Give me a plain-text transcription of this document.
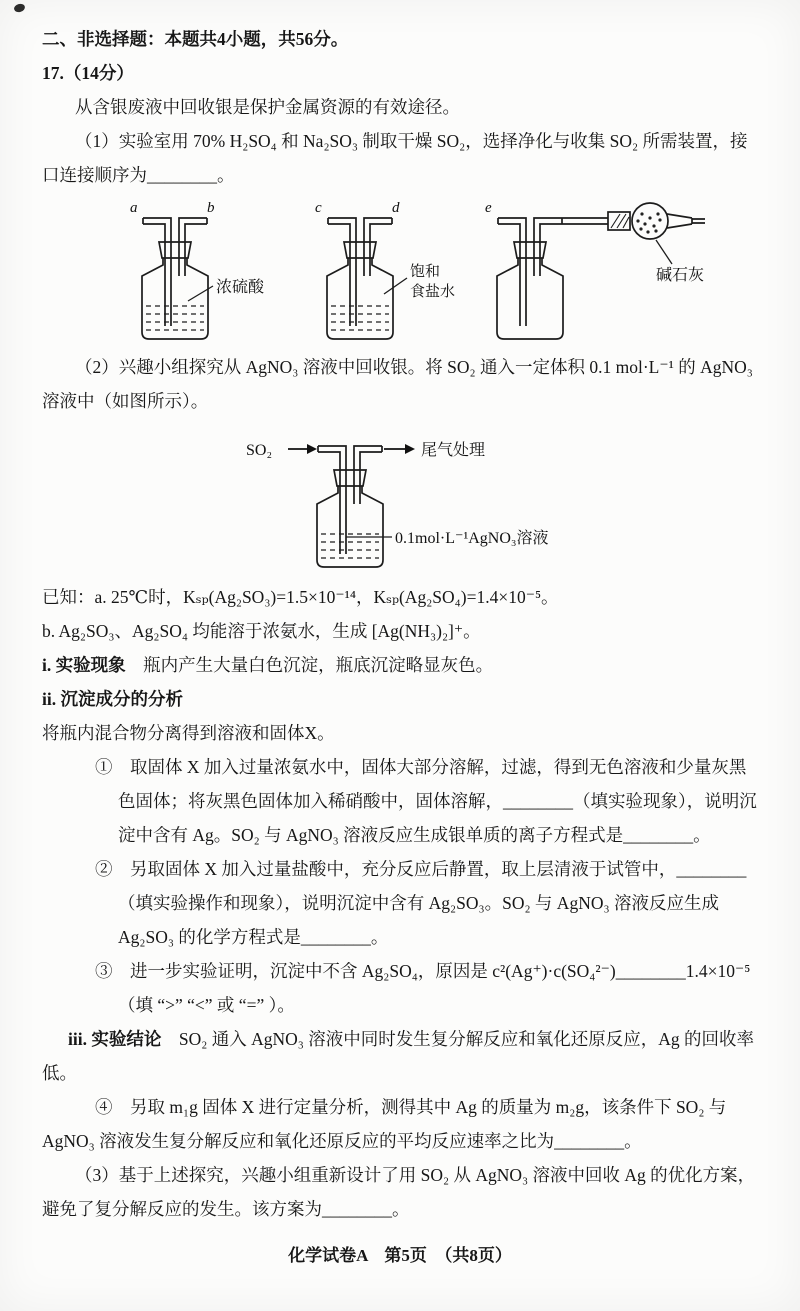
二、非选择题：本题共4小题，共56分。

17.（14分）

从含银废液中回收银是保护金属资源的有效途径。

（1）实验室用 70% H₂SO₄ 和 Na₂SO₃ 制取干燥 SO₂，选择净化与收集 SO₂ 所需装置，接口连接顺序为________。

a	b
浓硫酸
c	d
饱和
食盐水
e
碱石灰

（2）兴趣小组探究从 AgNO₃ 溶液中回收银。将 SO₂ 通入一定体积 0.1 mol·L⁻¹ 的 AgNO₃ 溶液中（如图所示）。

SO₂	尾气处理
0.1mol·L⁻¹AgNO₃溶液

已知：a. 25℃时，Kₛₚ(Ag₂SO₃)=1.5×10⁻¹⁴，Kₛₚ(Ag₂SO₄)=1.4×10⁻⁵。

b. Ag₂SO₃、Ag₂SO₄ 均能溶于浓氨水，生成 [Ag(NH₃)₂]⁺。

i. 实验现象　瓶内产生大量白色沉淀，瓶底沉淀略显灰色。

ii. 沉淀成分的分析

将瓶内混合物分离得到溶液和固体X。

①　取固体 X 加入过量浓氨水中，固体大部分溶解，过滤，得到无色溶液和少量灰黑色固体；将灰黑色固体加入稀硝酸中，固体溶解，________（填实验现象），说明沉淀中含有 Ag。SO₂ 与 AgNO₃ 溶液反应生成银单质的离子方程式是________。

②　另取固体 X 加入过量盐酸中，充分反应后静置，取上层清液于试管中，________（填实验操作和现象），说明沉淀中含有 Ag₂SO₃。SO₂ 与 AgNO₃ 溶液反应生成 Ag₂SO₃ 的化学方程式是________。

③　进一步实验证明，沉淀中不含 Ag₂SO₄，原因是 c²(Ag⁺)·c(SO₄²⁻)________1.4×10⁻⁵ （填 “>” “<” 或 “=” ）。

iii. 实验结论　SO₂ 通入 AgNO₃ 溶液中同时发生复分解反应和氧化还原反应，Ag 的回收率低。

④　另取 m₁g 固体 X 进行定量分析，测得其中 Ag 的质量为 m₂g，该条件下 SO₂ 与 AgNO₃ 溶液发生复分解反应和氧化还原反应的平均反应速率之比为________。

（3）基于上述探究，兴趣小组重新设计了用 SO₂ 从 AgNO₃ 溶液中回收 Ag 的优化方案，避免了复分解反应的发生。该方案为________。

化学试卷A　第5页　（共8页）
